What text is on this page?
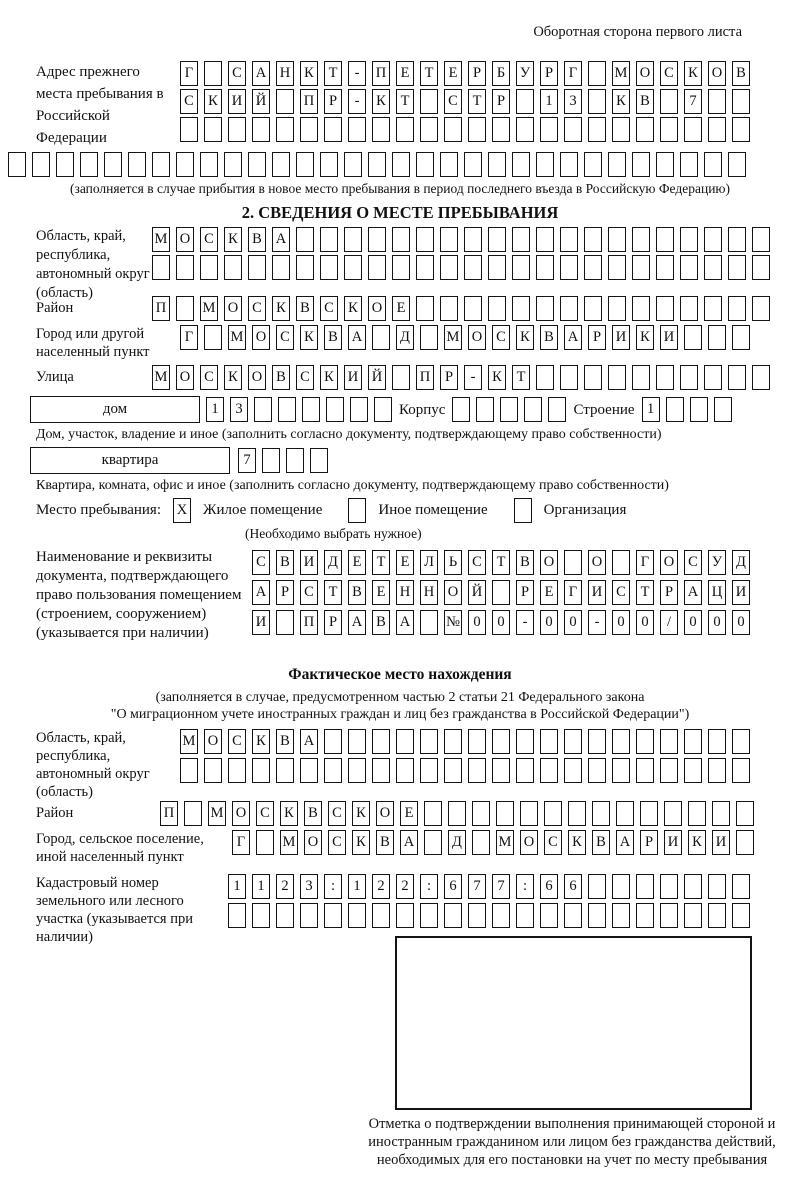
Оборотная сторона первого листа
Адрес прежнего места пребывания в Российской Федерации
Г	С А Н К	Т	-	П Е	Т	Е	Р	Б	У	Р	Г	М О С К О В
С К И Й	П	Р	-	К	Т	С	Т	Р	1	3	К В	7
(заполняется в случае прибытия в новое место пребывания в период последнего въезда в Российскую Федерацию)
2. СВЕДЕНИЯ О МЕСТЕ ПРЕБЫВАНИЯ
Область, край, республика, автономный округ (область)
М О С К В А
Район	П	М О С К В С К О Е
Город или другой населенный пункт
Г	М О С К В А	Д	М О С К В А	Р	И К И
Улица	М О С К О В С К И Й	П	Р	-	К	Т
дом	1	3	Корпус	Строение 1
Дом, участок, владение и иное (заполнить согласно документу, подтверждающему право собственности)
квартира	7
Квартира, комната, офис и иное (заполнить согласно документу, подтверждающему право собственности)
Место пребывания: X Жилое помещение	Иное помещение	Организация
(Необходимо выбрать нужное)
Наименование и реквизиты документа, подтверждающего право пользования помещением (строением, сооружением) (указывается при наличии)
С В И Д	Е	Т	Е	Л	Ь	С	Т	В О	О	Г	О С У Д
А	Р	С	Т	В	Е Н Н О Й	Р	Е	Г	И С	Т	Р	А Ц И
И	П	Р	А В А № 0	0	-	0	0	-	0	0	/	0	0	0
Фактическое место нахождения
(заполняется в случае, предусмотренном частью 2 статьи 21 Федерального закона
"О миграционном учете иностранных граждан и лиц без гражданства в Российской Федерации")
Область, край, республика, автономный округ (область)
М О С К В А
Район	П	М О С К В С К О Е
Город, сельское поселение, иной населенный пункт
Г	М О С К В А	Д	М О С К В А	Р	И К И
Кадастровый номер земельного или лесного участка (указывается при наличии)
1	1	2	3	:	1	2	2	:	6	7	7	:	6	6
Отметка о подтверждении выполнения принимающей стороной и иностранным гражданином или лицом без гражданства действий, необходимых для его постановки на учет по месту пребывания
